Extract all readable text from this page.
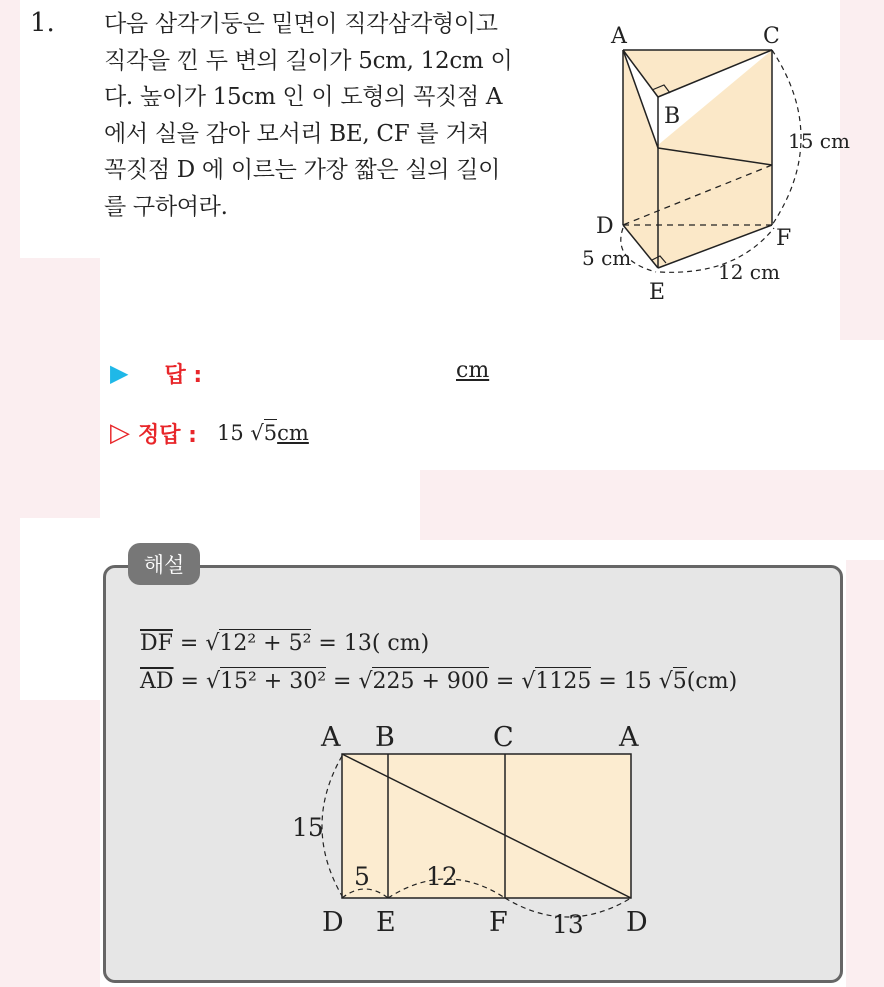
1. 다음 삼각기둥은 밑면이 직각삼각형이고
직각을 낀 두 변의 길이가 5cm, 12cm 이
다. 높이가 15cm 인 이 도형의 꼭짓점 A
에서 실을 감아 모서리 BE, CF 를 거쳐
꼭짓점 D 에 이르는 가장 짧은 실의 길이
를 구하여라.
A
B
C
D
E
F
15 cm
5 cm
12 cm
▶ 답 :	cm
▷ 정답 : 15 √5cm
해설

$\overline{DF} = √12^2 + 5^2 = 13$( cm)

$\overline{AD} = √15^2 + 30^2 = √225 + 900 = √1125 = 15$ √5(cm)

A B	C	A
D E	F	D
15
5 12
13
